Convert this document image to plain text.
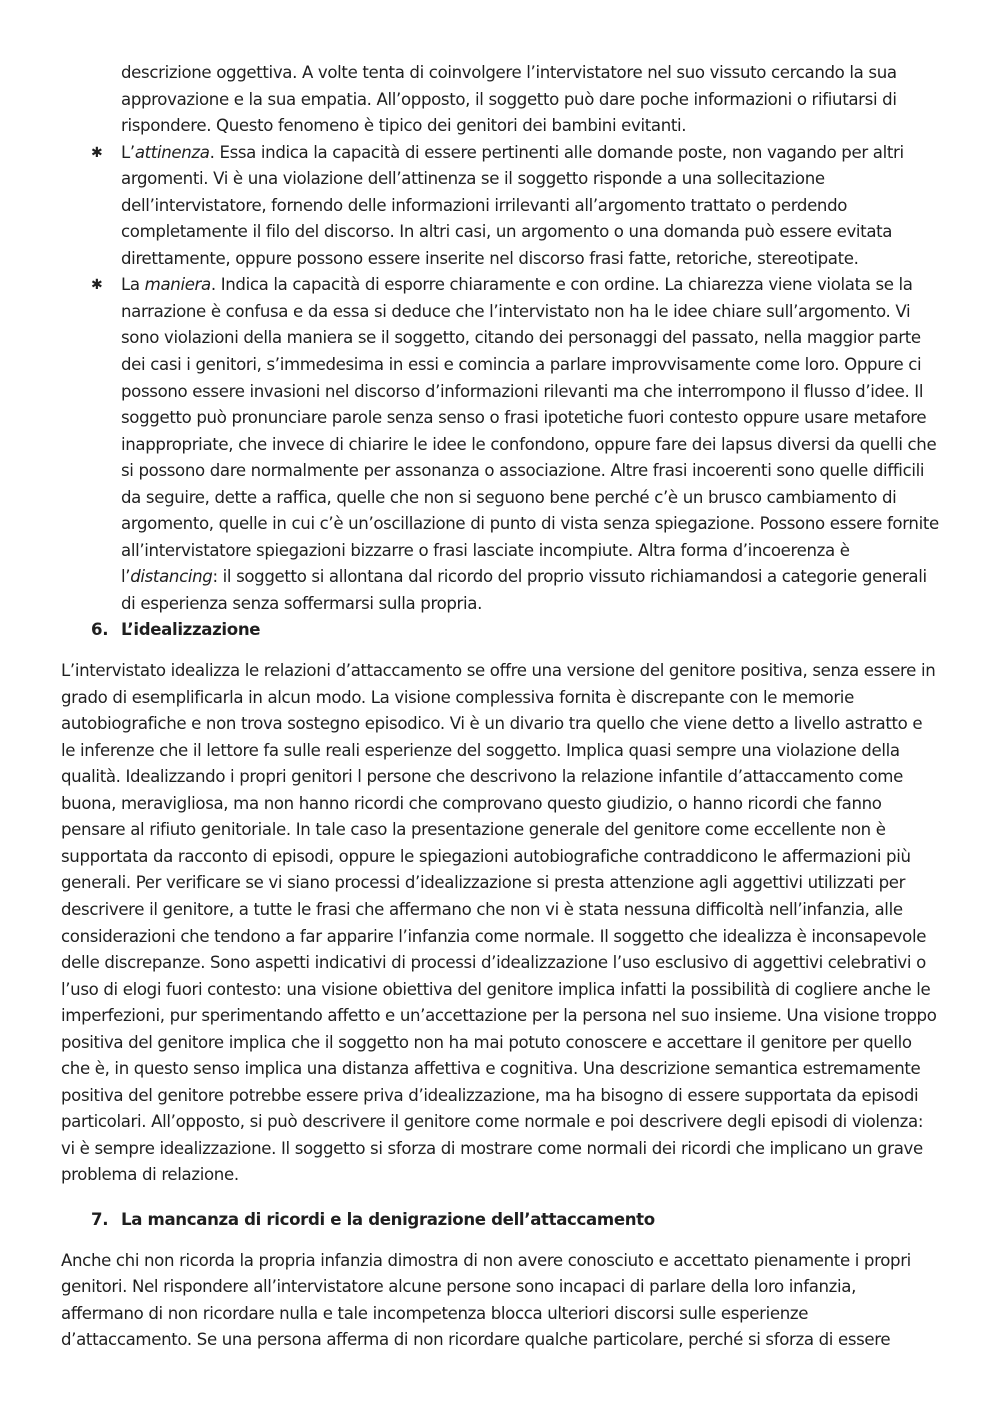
descrizione oggettiva. A volte tenta di coinvolgere l’intervistatore nel suo vissuto cercando la sua approvazione e la sua empatia. All’opposto, il soggetto può dare poche informazioni o rifiutarsi di rispondere. Questo fenomeno è tipico dei genitori dei bambini evitanti.

✱ L’attinenza. Essa indica la capacità di essere pertinenti alle domande poste, non vagando per altri argomenti. Vi è una violazione dell’attinenza se il soggetto risponde a una sollecitazione dell’intervistatore, fornendo delle informazioni irrilevanti all’argomento trattato o perdendo completamente il filo del discorso. In altri casi, un argomento o una domanda può essere evitata direttamente, oppure possono essere inserite nel discorso frasi fatte, retoriche, stereotipate.

✱ La maniera. Indica la capacità di esporre chiaramente e con ordine. La chiarezza viene violata se la narrazione è confusa e da essa si deduce che l’intervistato non ha le idee chiare sull’argomento. Vi sono violazioni della maniera se il soggetto, citando dei personaggi del passato, nella maggior parte dei casi i genitori, s’immedesima in essi e comincia a parlare improvvisamente come loro. Oppure ci possono essere invasioni nel discorso d’informazioni rilevanti ma che interrompono il flusso d’idee. Il soggetto può pronunciare parole senza senso o frasi ipotetiche fuori contesto oppure usare metafore inappropriate, che invece di chiarire le idee le confondono, oppure fare dei lapsus diversi da quelli che si possono dare normalmente per assonanza o associazione. Altre frasi incoerenti sono quelle difficili da seguire, dette a raffica, quelle che non si seguono bene perché c’è un brusco cambiamento di argomento, quelle in cui c’è un’oscillazione di punto di vista senza spiegazione. Possono essere fornite all’intervistatore spiegazioni bizzarre o frasi lasciate incompiute. Altra forma d’incoerenza è l’distancing: il soggetto si allontana dal ricordo del proprio vissuto richiamandosi a categorie generali di esperienza senza soffermarsi sulla propria.

6. L’idealizzazione

L’intervistato idealizza le relazioni d’attaccamento se offre una versione del genitore positiva, senza essere in grado di esemplificarla in alcun modo. La visione complessiva fornita è discrepante con le memorie autobiografiche e non trova sostegno episodico. Vi è un divario tra quello che viene detto a livello astratto e le inferenze che il lettore fa sulle reali esperienze del soggetto. Implica quasi sempre una violazione della qualità. Idealizzando i propri genitori l persone che descrivono la relazione infantile d’attaccamento come buona, meravigliosa, ma non hanno ricordi che comprovano questo giudizio, o hanno ricordi che fanno pensare al rifiuto genitoriale. In tale caso la presentazione generale del genitore come eccellente non è supportata da racconto di episodi, oppure le spiegazioni autobiografiche contraddicono le affermazioni più generali. Per verificare se vi siano processi d’idealizzazione si presta attenzione agli aggettivi utilizzati per descrivere il genitore, a tutte le frasi che affermano che non vi è stata nessuna difficoltà nell’infanzia, alle considerazioni che tendono a far apparire l’infanzia come normale. Il soggetto che idealizza è inconsapevole delle discrepanze. Sono aspetti indicativi di processi d’idealizzazione l’uso esclusivo di aggettivi celebrativi o l’uso di elogi fuori contesto: una visione obiettiva del genitore implica infatti la possibilità di cogliere anche le imperfezioni, pur sperimentando affetto e un’accettazione per la persona nel suo insieme. Una visione troppo positiva del genitore implica che il soggetto non ha mai potuto conoscere e accettare il genitore per quello che è, in questo senso implica una distanza affettiva e cognitiva. Una descrizione semantica estremamente positiva del genitore potrebbe essere priva d’idealizzazione, ma ha bisogno di essere supportata da episodi particolari. All’opposto, si può descrivere il genitore come normale e poi descrivere degli episodi di violenza: vi è sempre idealizzazione. Il soggetto si sforza di mostrare come normali dei ricordi che implicano un grave problema di relazione.

7. La mancanza di ricordi e la denigrazione dell’attaccamento

Anche chi non ricorda la propria infanzia dimostra di non avere conosciuto e accettato pienamente i propri genitori. Nel rispondere all’intervistatore alcune persone sono incapaci di parlare della loro infanzia, affermano di non ricordare nulla e tale incompetenza blocca ulteriori discorsi sulle esperienze d’attaccamento. Se una persona afferma di non ricordare qualche particolare, perché si sforza di essere
